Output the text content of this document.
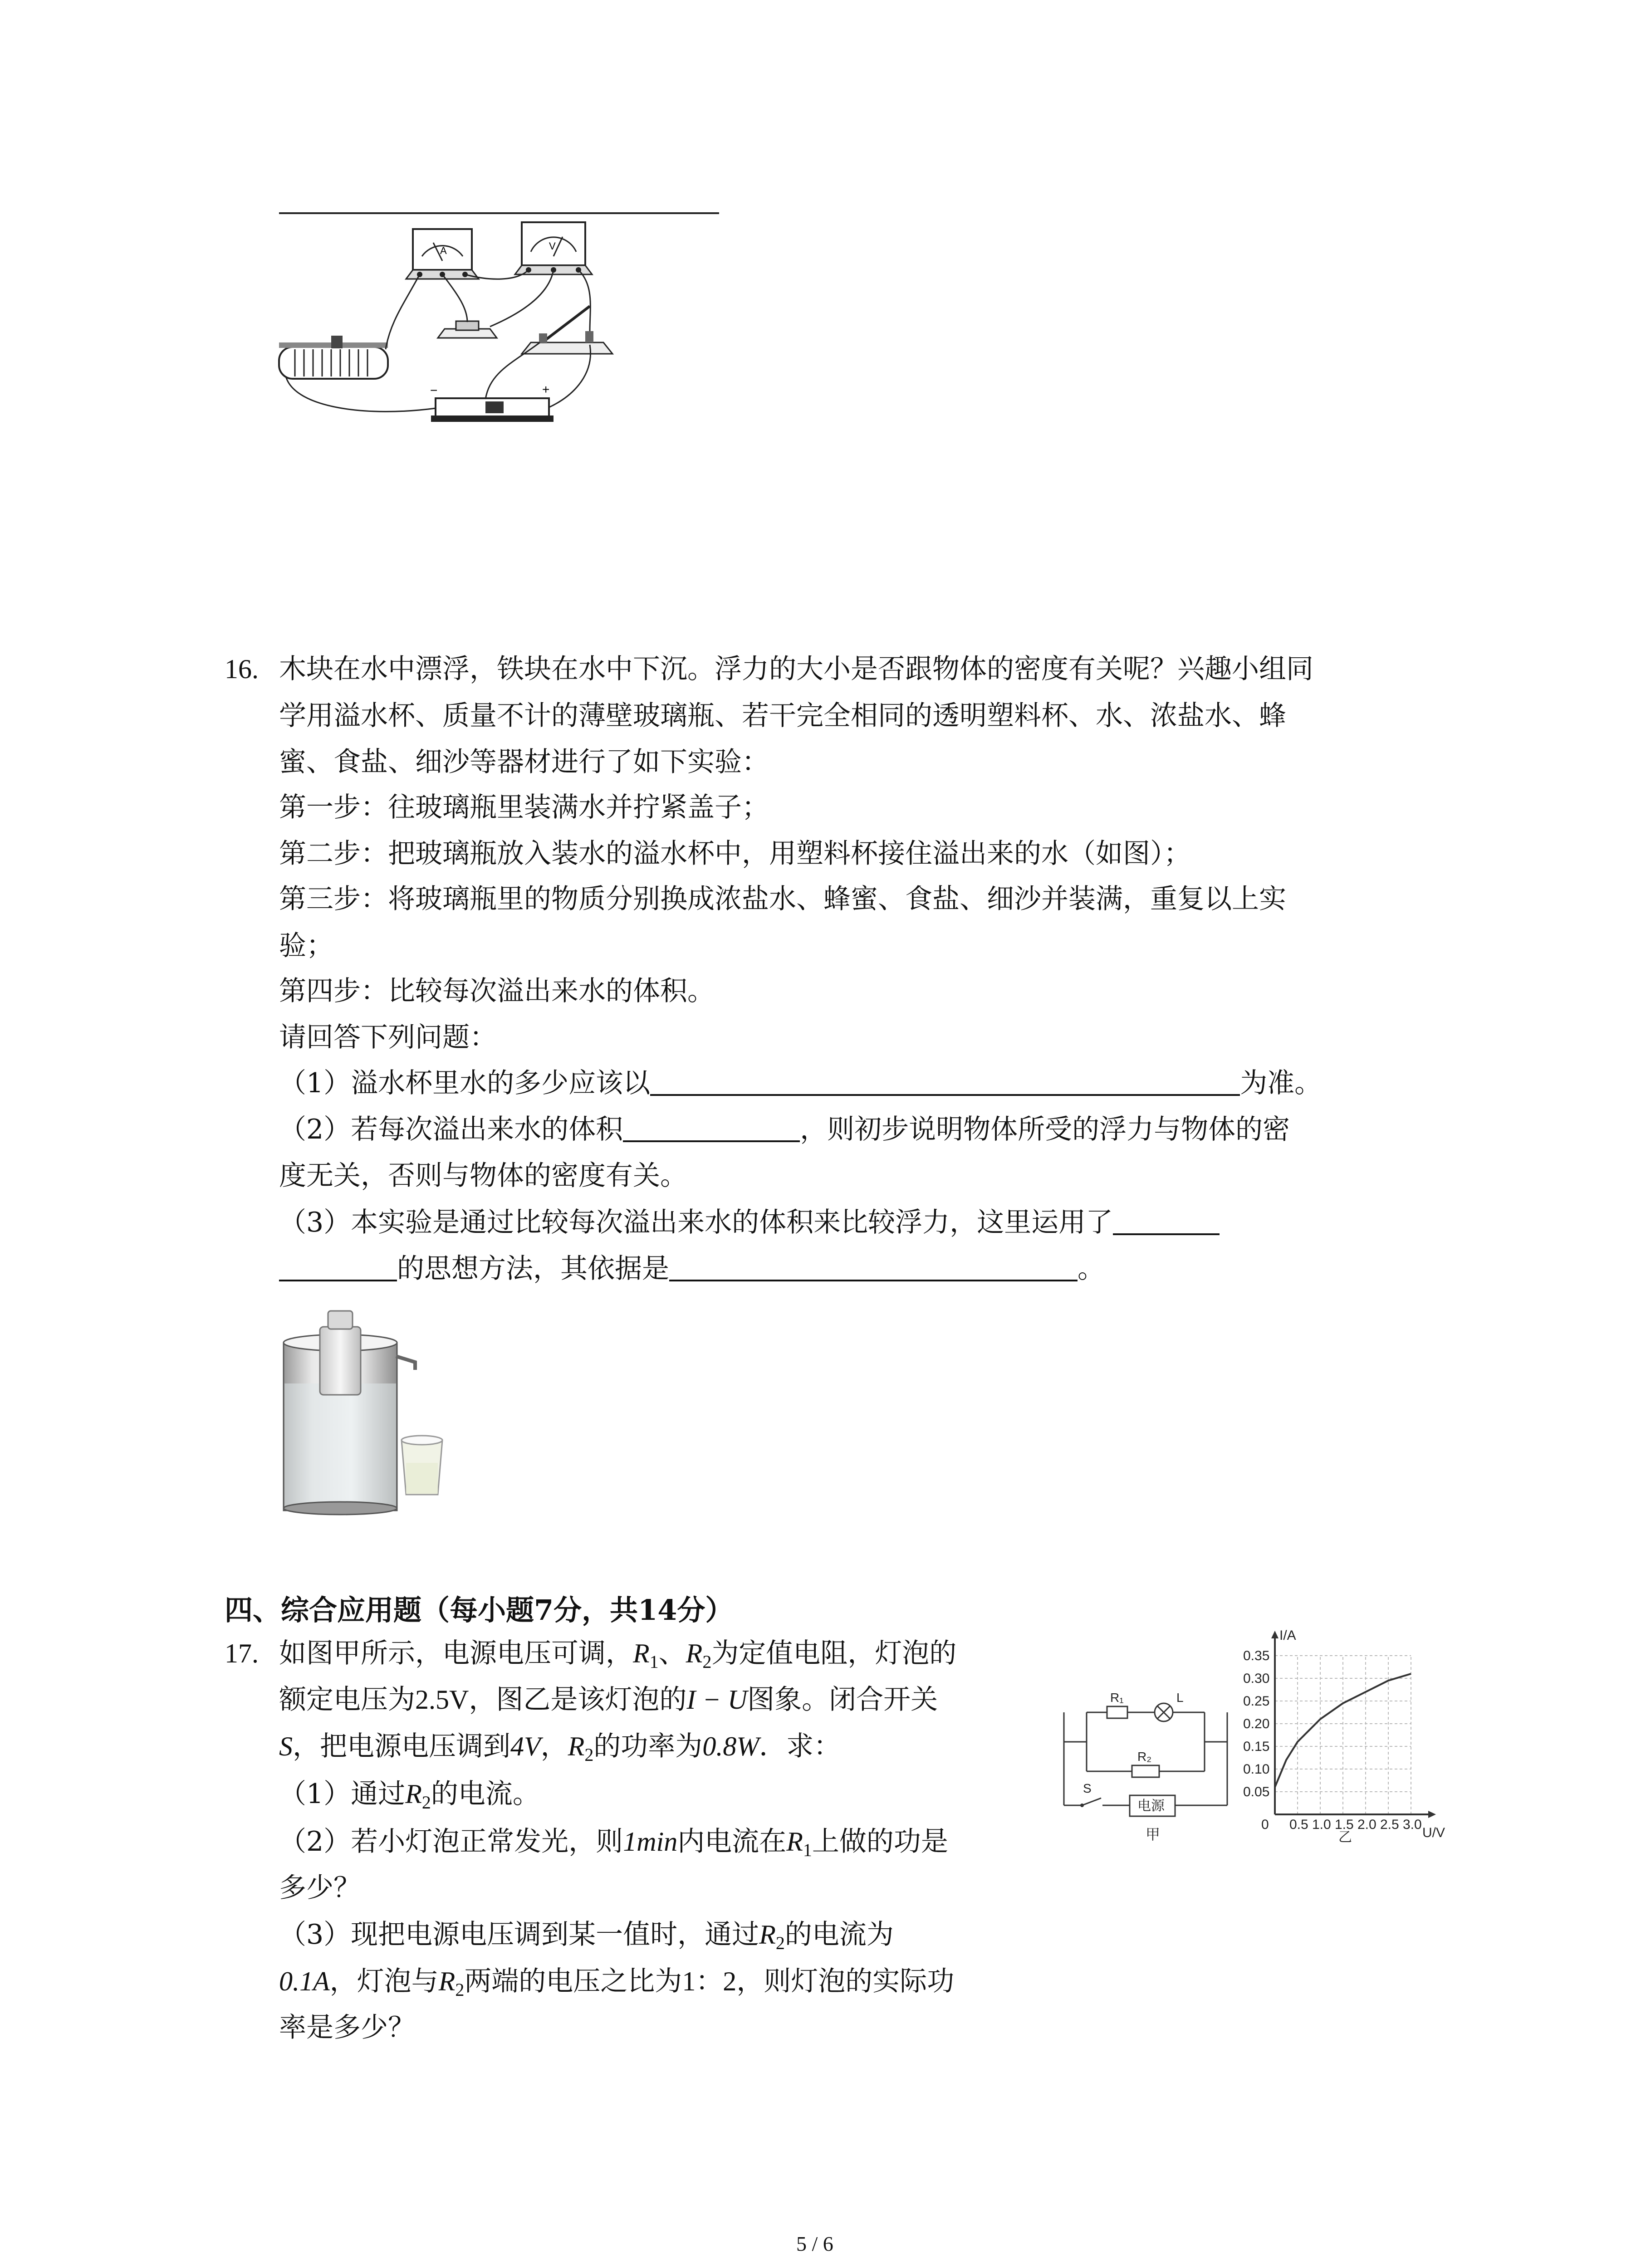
A	V
−	+
16. 木块在水中漂浮，铁块在水中下沉。浮力的大小是否跟物体的密度有关呢？兴趣小组同
学用溢水杯、质量不计的薄壁玻璃瓶、若干完全相同的透明塑料杯、水、浓盐水、蜂
蜜、食盐、细沙等器材进行了如下实验：
第一步：往玻璃瓶里装满水并拧紧盖子；
第二步：把玻璃瓶放入装水的溢水杯中，用塑料杯接住溢出来的水（如图）；
第三步：将玻璃瓶里的物质分别换成浓盐水、蜂蜜、食盐、细沙并装满，重复以上实
验；
第四步：比较每次溢出来水的体积。
请回答下列问题：
（1）溢水杯里水的多少应该以	为准。
（2）若每次溢出来水的体积	，则初步说明物体所受的浮力与物体的密
度无关，否则与物体的密度有关。
（3）本实验是通过比较每次溢出来水的体积来比较浮力，这里运用了
的思想方法，其依据是	。
四、综合应用题（每小题7分，共14分）
17. 如图甲所示，电源电压可调，$R_1$、$R_2$为定值电阻，灯泡的
额定电压为2.5V，图乙是该灯泡的I − U图象。闭合开关
S，把电源电压调到4V，$R_2$的功率为0.8W．求：
（1）通过$R_2$的电流。
（2）若小灯泡正常发光，则1min内电流在$R_1$上做的功是
多少？
（3）现把电源电压调到某一值时，通过$R_2$的电流为
0.1A，灯泡与$R_2$两端的电压之比为1：2，则灯泡的实际功
率是多少？
R₁	L
R₂
S
电源
甲
0.5 1.0 1.5 2.0 2.5 3.0
0.05
0.10
0.15
0.20
0.25
0.30
0.35
0
I/A
U/V
乙
5 / 6
